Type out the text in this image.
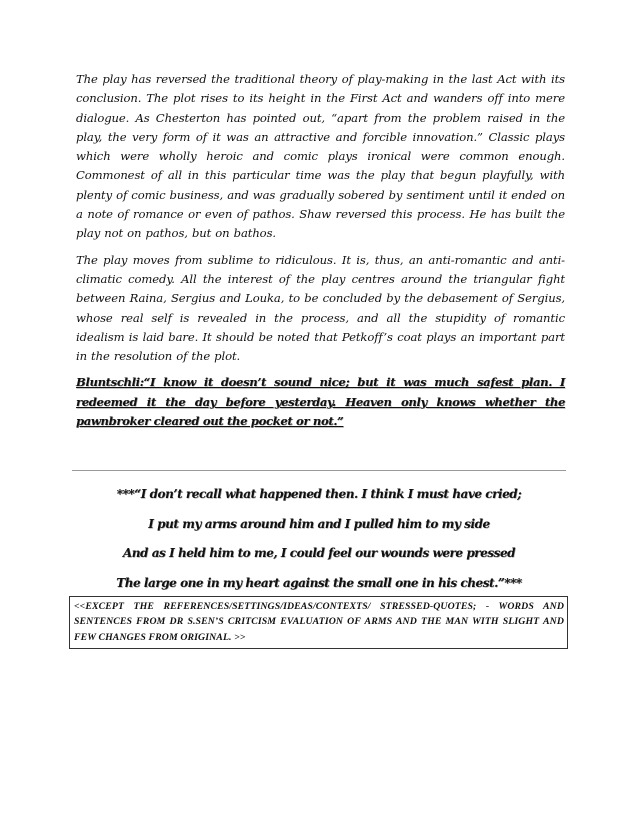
The play has reversed the traditional theory of play-making in the last Act with its conclusion. The plot rises to its height in the First Act and wanders off into mere dialogue. As Chesterton has pointed out, “apart from the problem raised in the play, the very form of it was an attractive and forcible innovation.” Classic plays which were wholly heroic and comic plays ironical were common enough. Commonest of all in this particular time was the play that begun playfully, with plenty of comic business, and was gradually sobered by sentiment until it ended on a note of romance or even of pathos. Shaw reversed this process. He has built the play not on pathos, but on bathos.

The play moves from sublime to ridiculous. It is, thus, an anti-romantic and anti-climatic comedy. All the interest of the play centres around the triangular fight between Raina, Sergius and Louka, to be concluded by the debasement of Sergius, whose real self is revealed in the process, and all the stupidity of romantic idealism is laid bare. It should be noted that Petkoff’s coat plays an important part in the resolution of the plot.

Bluntschli:“I know it doesn’t sound nice; but it was much safest plan. I redeemed it the day before yesterday. Heaven only knows whether the pawnbroker cleared out the pocket or not.”

***“I don’t recall what happened then. I think I must have cried;
I put my arms around him and I pulled him to my side
And as I held him to me, I could feel our wounds were pressed
The large one in my heart against the small one in his chest.”***
<<EXCEPT THE REFERENCES/SETTINGS/IDEAS/CONTEXTS/ STRESSED-QUOTES; - WORDS AND SENTENCES FROM DR S.SEN’S CRITCISM EVALUATION OF ARMS AND THE MAN WITH SLIGHT AND FEW CHANGES FROM ORIGINAL. >>
